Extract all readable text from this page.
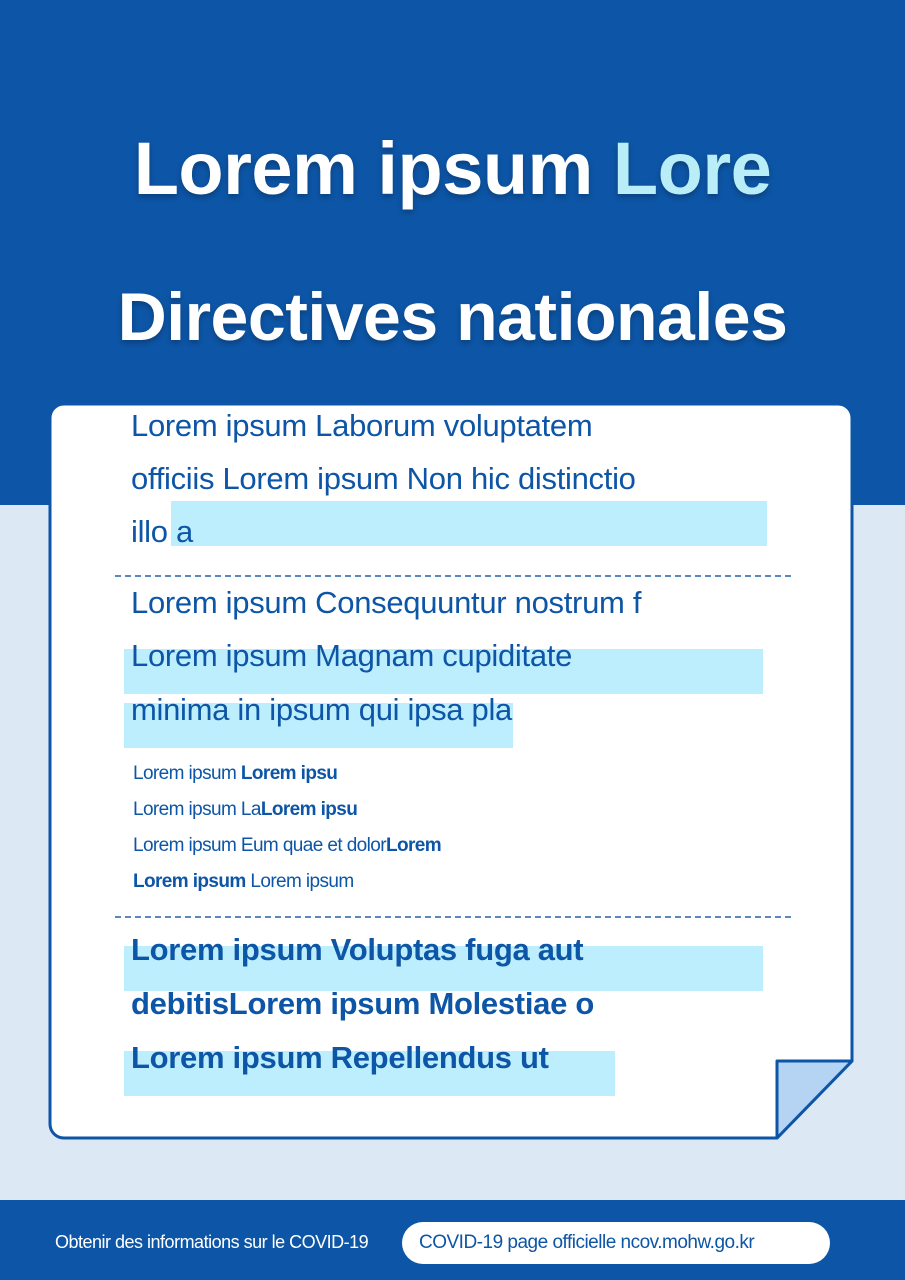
Lorem ipsum Lore
Directives nationales
Lorem ipsum Laborum voluptatem
officiis Lorem ipsum Non hic distinctio
illo a
Lorem ipsum Consequuntur nostrum f
Lorem ipsum Magnam cupiditate
minima in ipsum qui ipsa pla
Lorem ipsum Lorem ipsu
Lorem ipsum LaLorem ipsu
Lorem ipsum Eum quae et dolorLorem
Lorem ipsum Lorem ipsum
Lorem ipsum Voluptas fuga aut
debitisLorem ipsum Molestiae o
Lorem ipsum Repellendus ut
Obtenir des informations sur le COVID-19	COVID-19 page officielle ncov.mohw.go.kr
